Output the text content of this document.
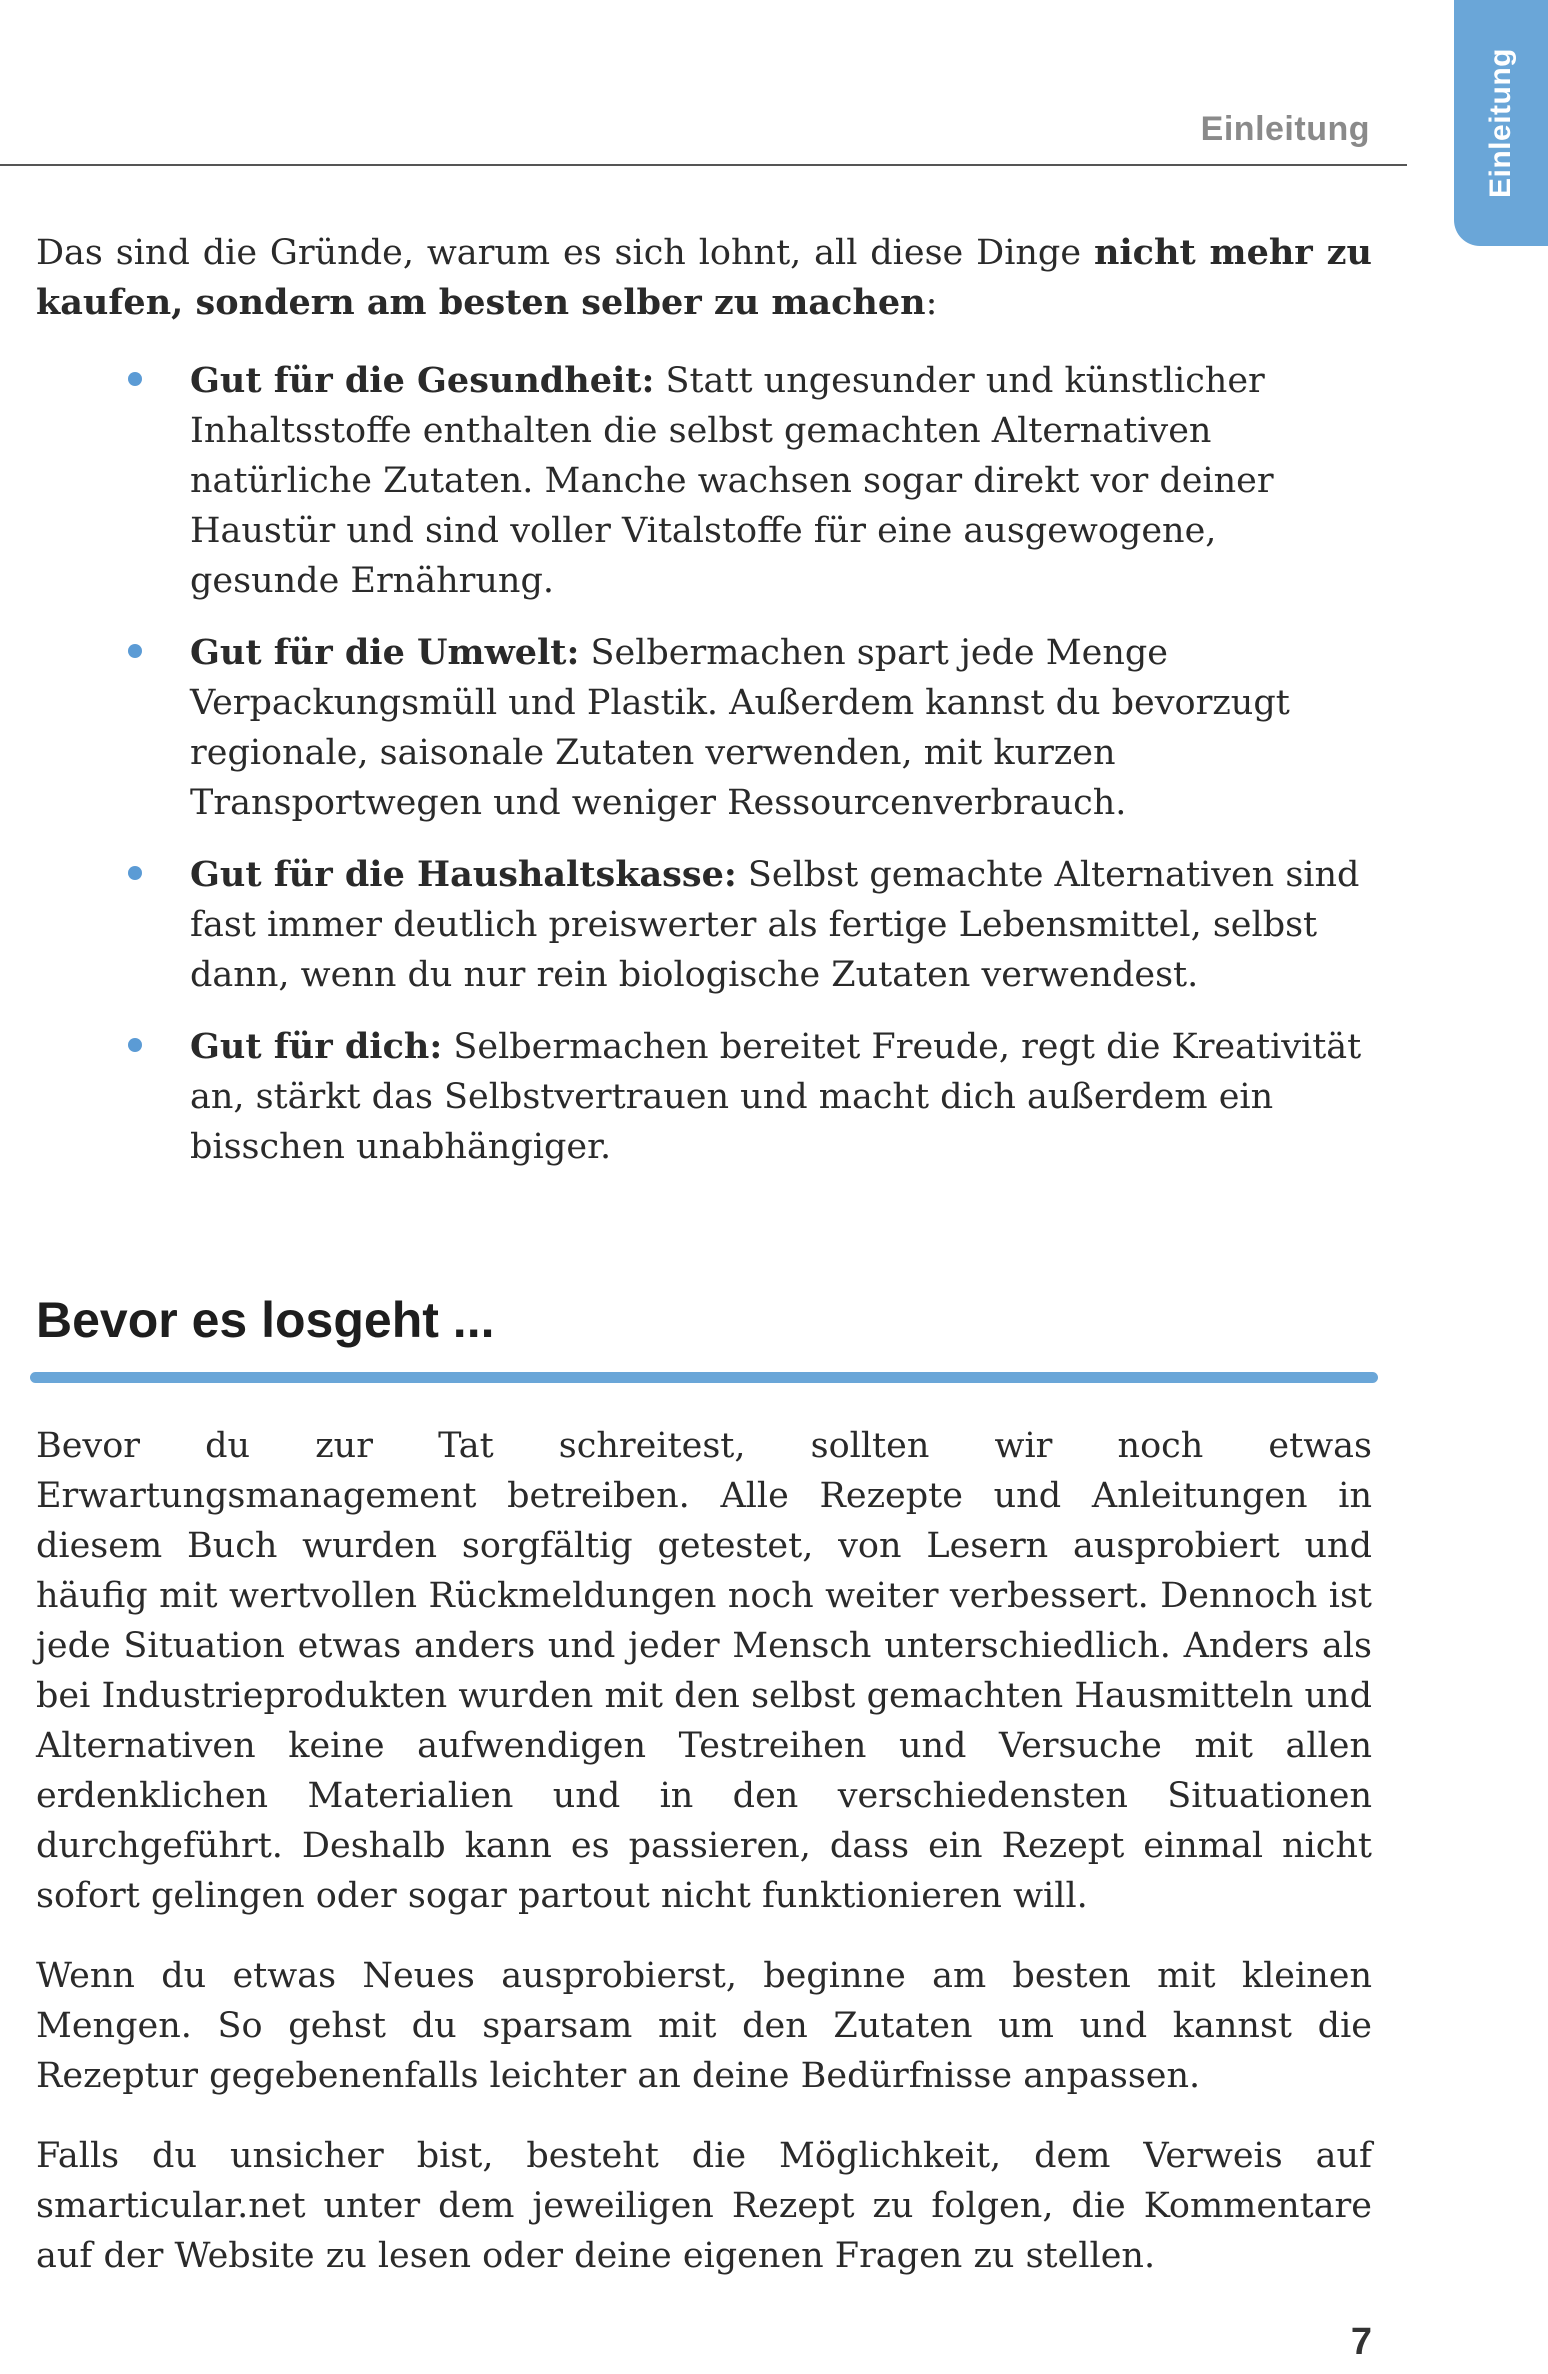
Einleitung	Einleitung

Das sind die Gründe, warum es sich lohnt, all diese Dinge nicht mehr zu kaufen, sondern am besten selber zu machen:

Gut für die Gesundheit: Statt ungesunder und künstlicher Inhaltsstoffe enthalten die selbst gemachten Alternativen natürliche Zutaten. Manche wachsen sogar direkt vor deiner Haustür und sind voller Vitalstoffe für eine ausgewogene, gesunde Ernährung.
Gut für die Umwelt: Selbermachen spart jede Menge Verpackungsmüll und Plastik. Außerdem kannst du bevorzugt regionale, saisonale Zutaten verwenden, mit kurzen Transportwegen und weniger Ressourcenverbrauch.
Gut für die Haushaltskasse: Selbst gemachte Alternativen sind fast immer deutlich preiswerter als fertige Lebensmittel, selbst dann, wenn du nur rein biologische Zutaten verwendest.
Gut für dich: Selbermachen bereitet Freude, regt die Kreativität an, stärkt das Selbstvertrauen und macht dich außerdem ein bisschen unabhängiger.
Bevor es losgeht ...

Bevor du zur Tat schreitest, sollten wir noch etwas Erwartungsmanagement betreiben. Alle Rezepte und Anleitungen in diesem Buch wurden sorgfältig getestet, von Lesern ausprobiert und häufig mit wertvollen Rückmeldungen noch weiter verbessert. Dennoch ist jede Situation etwas anders und jeder Mensch unterschiedlich. Anders als bei Industrieprodukten wurden mit den selbst gemachten Hausmitteln und Alternativen keine aufwendigen Testreihen und Versuche mit allen erdenklichen Materialien und in den verschiedensten Situationen durchgeführt. Deshalb kann es passieren, dass ein Rezept einmal nicht sofort gelingen oder sogar partout nicht funktionieren will.

Wenn du etwas Neues ausprobierst, beginne am besten mit kleinen Mengen. So gehst du sparsam mit den Zutaten um und kannst die Rezeptur gegebenenfalls leichter an deine Bedürfnisse anpassen.

Falls du unsicher bist, besteht die Möglichkeit, dem Verweis auf smarticular.net unter dem jeweiligen Rezept zu folgen, die Kommentare auf der Website zu lesen oder deine eigenen Fragen zu stellen.

7
